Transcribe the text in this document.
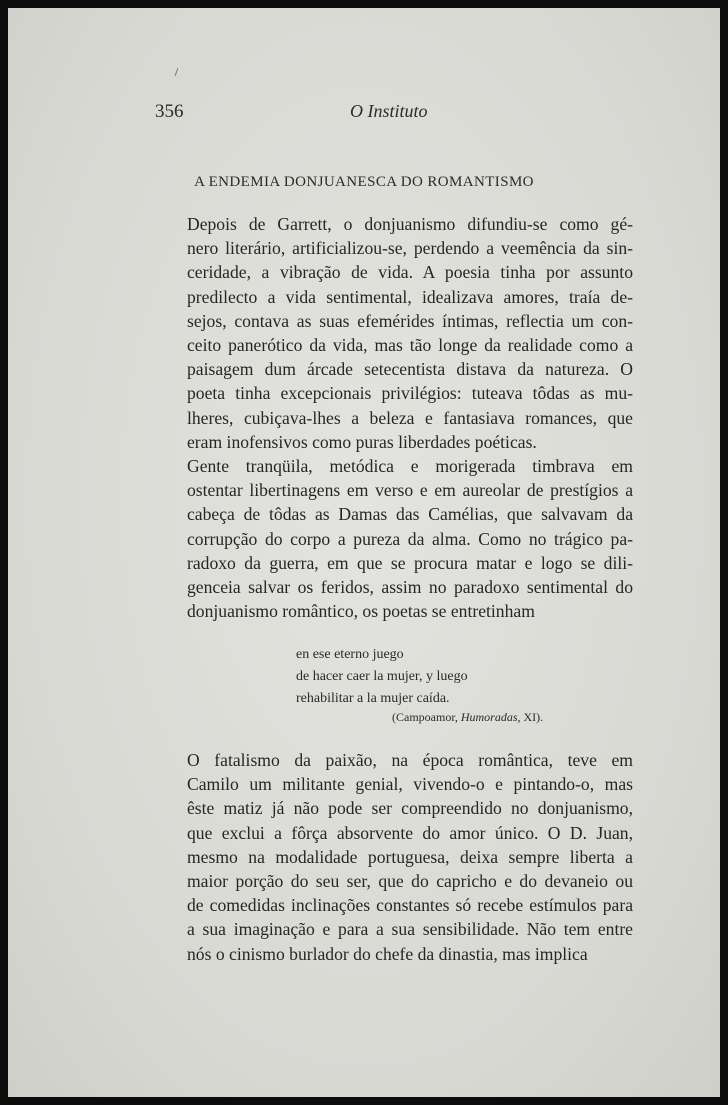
356	O Instituto
A ENDEMIA DONJUANESCA DO ROMANTISMO

Depois de Garrett, o donjuanismo difundiu-se como gé-
nero literário, artificializou-se, perdendo a veemência da sin-
ceridade, a vibração de vida. A poesia tinha por assunto
predilecto a vida sentimental, idealizava amores, traía de-
sejos, contava as suas efemérides íntimas, reflectia um con-
ceito panerótico da vida, mas tão longe da realidade como a
paisagem dum árcade setecentista distava da natureza. O
poeta tinha excepcionais privilégios: tuteava tôdas as mu-
lheres, cubiçava-lhes a beleza e fantasiava romances, que
eram inofensivos como puras liberdades poéticas.

Gente tranqüila, metódica e morigerada timbrava em
ostentar libertinagens em verso e em aureolar de prestígios a
cabeça de tôdas as Damas das Camélias, que salvavam da
corrupção do corpo a pureza da alma. Como no trágico pa-
radoxo da guerra, em que se procura matar e logo se dili-
genceia salvar os feridos, assim no paradoxo sentimental do
donjuanismo romântico, os poetas se entretinham

en ese eterno juego
de hacer caer la mujer, y luego
rehabilitar a la mujer caída.
(Campoamor, Humoradas, XI).

O fatalismo da paixão, na época romântica, teve em
Camilo um militante genial, vivendo-o e pintando-o, mas
êste matiz já não pode ser compreendido no donjuanismo,
que exclui a fôrça absorvente do amor único. O D. Juan,
mesmo na modalidade portuguesa, deixa sempre liberta a
maior porção do seu ser, que do capricho e do devaneio ou
de comedidas inclinações constantes só recebe estímulos para
a sua imaginação e para a sua sensibilidade. Não tem entre
nós o cinismo burlador do chefe da dinastia, mas implica
